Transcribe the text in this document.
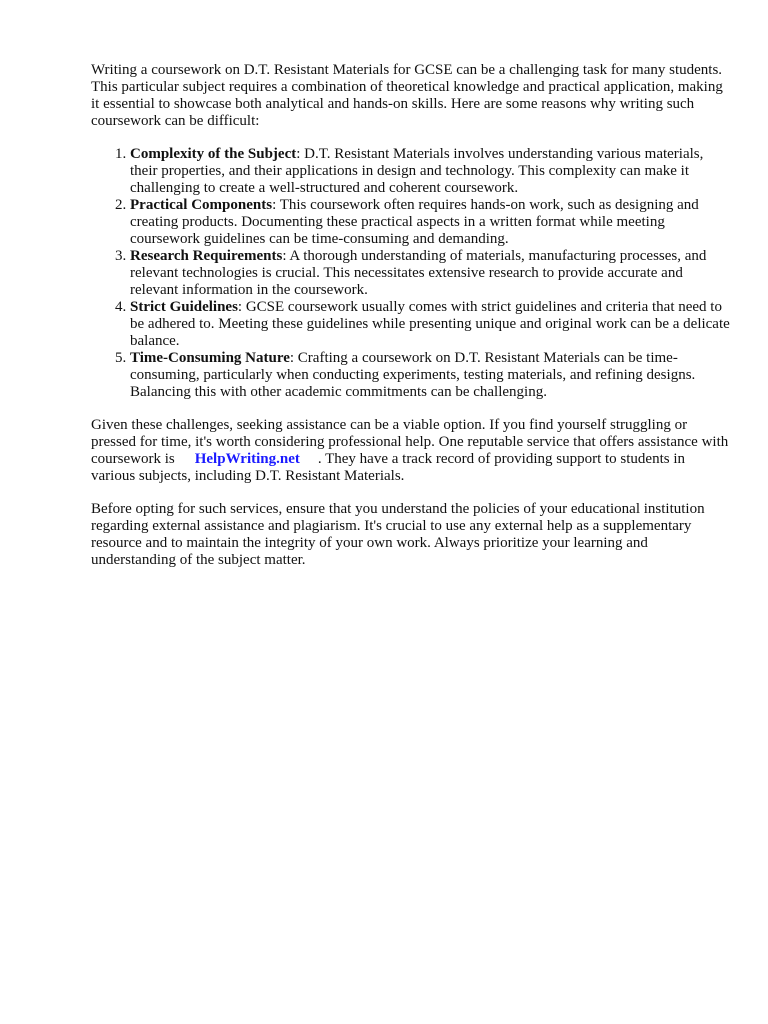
Writing a coursework on D.T. Resistant Materials for GCSE can be a challenging task for many students. This particular subject requires a combination of theoretical knowledge and practical application, making it essential to showcase both analytical and hands-on skills. Here are some reasons why writing such coursework can be difficult:

1. Complexity of the Subject: D.T. Resistant Materials involves understanding various materials, their properties, and their applications in design and technology. This complexity can make it challenging to create a well-structured and coherent coursework.
2. Practical Components: This coursework often requires hands-on work, such as designing and creating products. Documenting these practical aspects in a written format while meeting coursework guidelines can be time-consuming and demanding.
3. Research Requirements: A thorough understanding of materials, manufacturing processes, and relevant technologies is crucial. This necessitates extensive research to provide accurate and relevant information in the coursework.
4. Strict Guidelines: GCSE coursework usually comes with strict guidelines and criteria that need to be adhered to. Meeting these guidelines while presenting unique and original work can be a delicate balance.
5. Time-Consuming Nature: Crafting a coursework on D.T. Resistant Materials can be time-consuming, particularly when conducting experiments, testing materials, and refining designs. Balancing this with other academic commitments can be challenging.

Given these challenges, seeking assistance can be a viable option. If you find yourself struggling or pressed for time, it's worth considering professional help. One reputable service that offers assistance with coursework is HelpWriting.net . They have a track record of providing support to students in various subjects, including D.T. Resistant Materials.

Before opting for such services, ensure that you understand the policies of your educational institution regarding external assistance and plagiarism. It's crucial to use any external help as a supplementary resource and to maintain the integrity of your own work. Always prioritize your learning and understanding of the subject matter.
